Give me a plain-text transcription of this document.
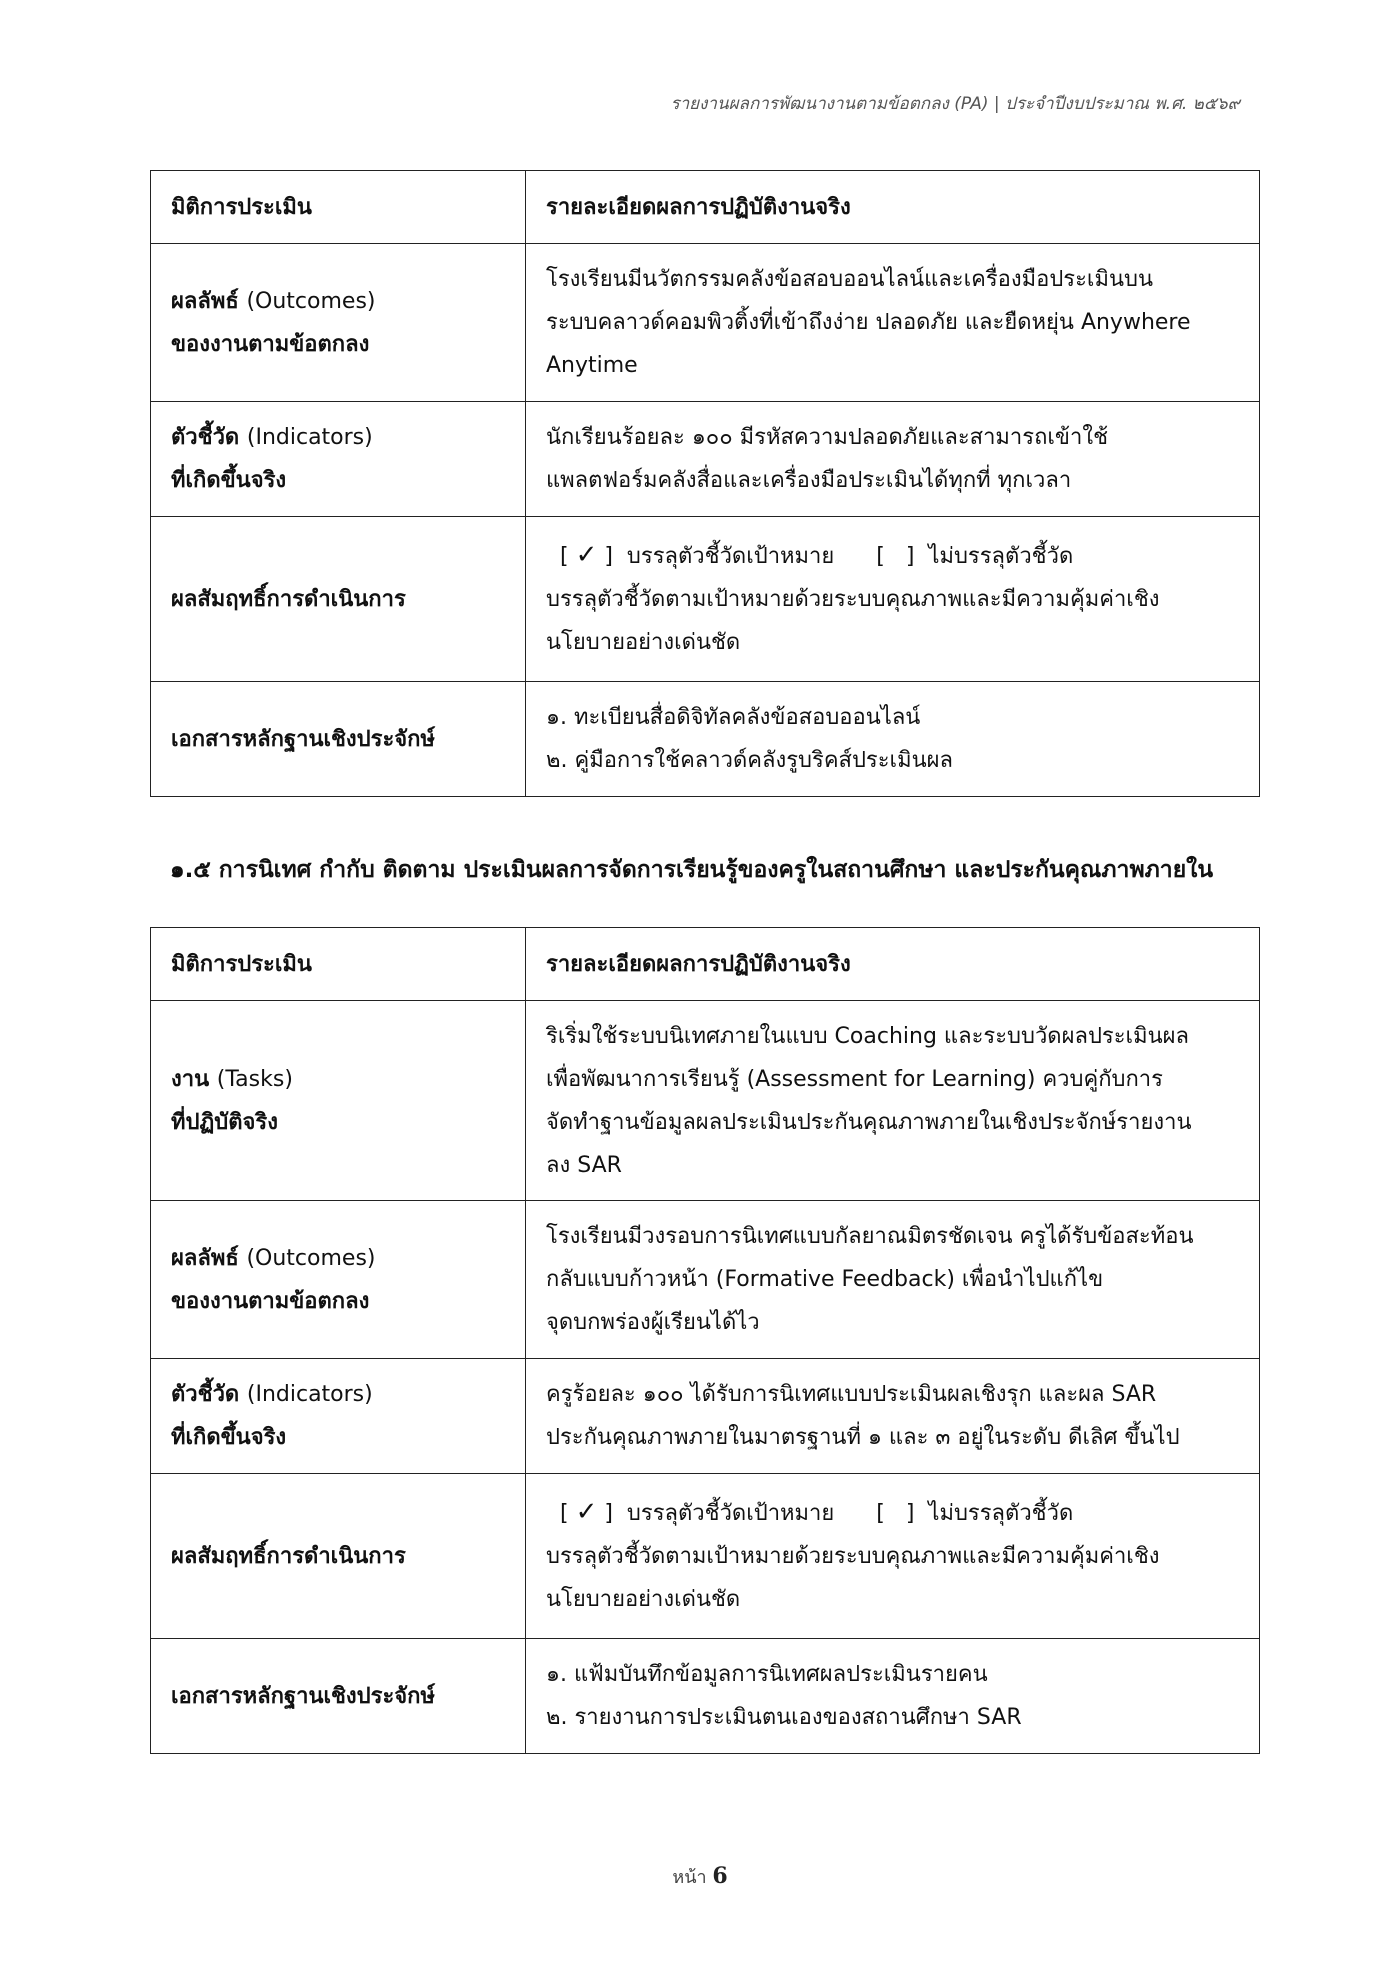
รายงานผลการพัฒนางานตามข้อตกลง (PA) | ประจำปีงบประมาณ พ.ศ. ๒๕๖๙
มิติการประเมิน	รายละเอียดผลการปฏิบัติงานจริง

ผลลัพธ์ (Outcomes)
ของงานตามข้อตกลง	โรงเรียนมีนวัตกรรมคลังข้อสอบออนไลน์และเครื่องมือประเมินบน
ระบบคลาวด์คอมพิวติ้งที่เข้าถึงง่าย ปลอดภัย และยืดหยุ่น Anywhere
Anytime

ตัวชี้วัด (Indicators)
ที่เกิดขึ้นจริง	นักเรียนร้อยละ ๑๐๐ มีรหัสความปลอดภัยและสามารถเข้าใช้
แพลตฟอร์มคลังสื่อและเครื่องมือประเมินได้ทุกที่ ทุกเวลา

ผลสัมฤทธิ์การดำเนินการ	[ ✓ ]  บรรลุตัวชี้วัดเป้าหมาย      [   ]  ไม่บรรลุตัวชี้วัด
บรรลุตัวชี้วัดตามเป้าหมายด้วยระบบคุณภาพและมีความคุ้มค่าเชิง
นโยบายอย่างเด่นชัด

เอกสารหลักฐานเชิงประจักษ์	๑. ทะเบียนสื่อดิจิทัลคลังข้อสอบออนไลน์
๒. คู่มือการใช้คลาวด์คลังรูบริคส์ประเมินผล
๑.๕ การนิเทศ กำกับ ติดตาม ประเมินผลการจัดการเรียนรู้ของครูในสถานศึกษา และประกันคุณภาพภายใน
มิติการประเมิน	รายละเอียดผลการปฏิบัติงานจริง

งาน (Tasks)
ที่ปฏิบัติจริง	ริเริ่มใช้ระบบนิเทศภายในแบบ Coaching และระบบวัดผลประเมินผล
เพื่อพัฒนาการเรียนรู้ (Assessment for Learning) ควบคู่กับการ
จัดทำฐานข้อมูลผลประเมินประกันคุณภาพภายในเชิงประจักษ์รายงาน
ลง SAR

ผลลัพธ์ (Outcomes)
ของงานตามข้อตกลง	โรงเรียนมีวงรอบการนิเทศแบบกัลยาณมิตรชัดเจน ครูได้รับข้อสะท้อน
กลับแบบก้าวหน้า (Formative Feedback) เพื่อนำไปแก้ไข
จุดบกพร่องผู้เรียนได้ไว

ตัวชี้วัด (Indicators)
ที่เกิดขึ้นจริง	ครูร้อยละ ๑๐๐ ได้รับการนิเทศแบบประเมินผลเชิงรุก และผล SAR
ประกันคุณภาพภายในมาตรฐานที่ ๑ และ ๓ อยู่ในระดับ ดีเลิศ ขึ้นไป

ผลสัมฤทธิ์การดำเนินการ	[ ✓ ]  บรรลุตัวชี้วัดเป้าหมาย      [   ]  ไม่บรรลุตัวชี้วัด
บรรลุตัวชี้วัดตามเป้าหมายด้วยระบบคุณภาพและมีความคุ้มค่าเชิง
นโยบายอย่างเด่นชัด

เอกสารหลักฐานเชิงประจักษ์	๑. แฟ้มบันทึกข้อมูลการนิเทศผลประเมินรายคน
๒. รายงานการประเมินตนเองของสถานศึกษา SAR
หน้า 6
